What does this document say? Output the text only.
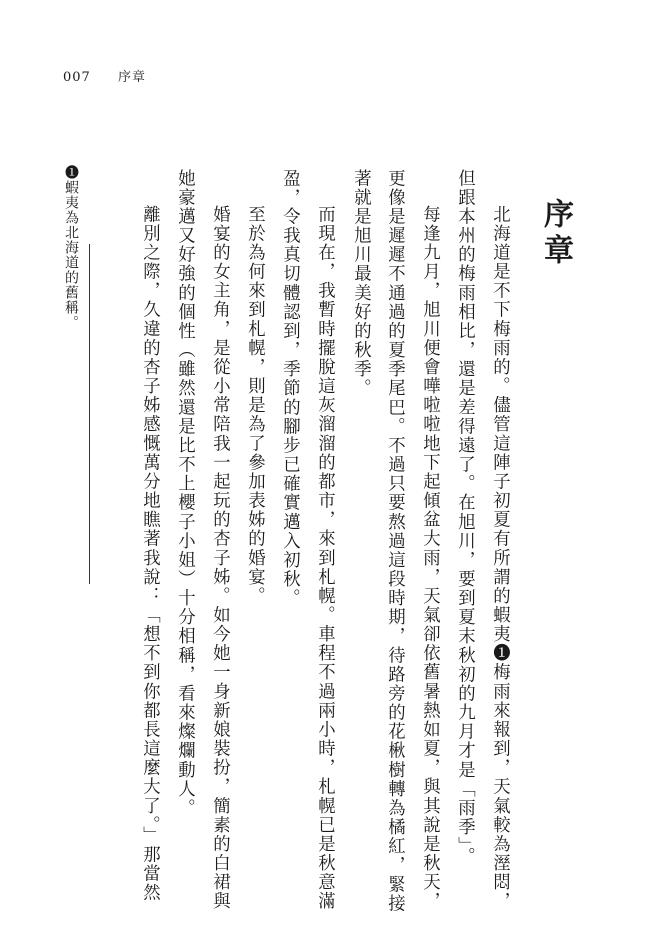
007 序章
序章
北海道是不下梅雨的。儘管這陣子初夏有所謂的蝦夷❶梅雨來報到，天氣較為溼悶，
但跟本州的梅雨相比，還是差得遠了。在旭川，要到夏末秋初的九月才是「雨季」。
每逢九月，旭川便會嘩啦啦地下起傾盆大雨，天氣卻依舊暑熱如夏，與其說是秋天，
更像是遲遲不通過的夏季尾巴。不過只要熬過這段時期，待路旁的花楸樹轉為橘紅，緊接
著就是旭川最美好的秋季。
而現在，我暫時擺脫這灰溜溜的都市，來到札幌。車程不過兩小時，札幌已是秋意滿
盈，令我真切體認到，季節的腳步已確實邁入初秋。
至於為何來到札幌，則是為了參加表姊的婚宴。
婚宴的女主角，是從小常陪我一起玩的杏子姊。如今她一身新娘裝扮，簡素的白裙與
她豪邁又好強的個性（雖然還是比不上櫻子小姐）十分相稱，看來燦爛動人。
離別之際，久違的杏子姊感慨萬分地瞧著我說：「想不到你都長這麼大了。」那當然
❶蝦夷為北海道的舊稱。
